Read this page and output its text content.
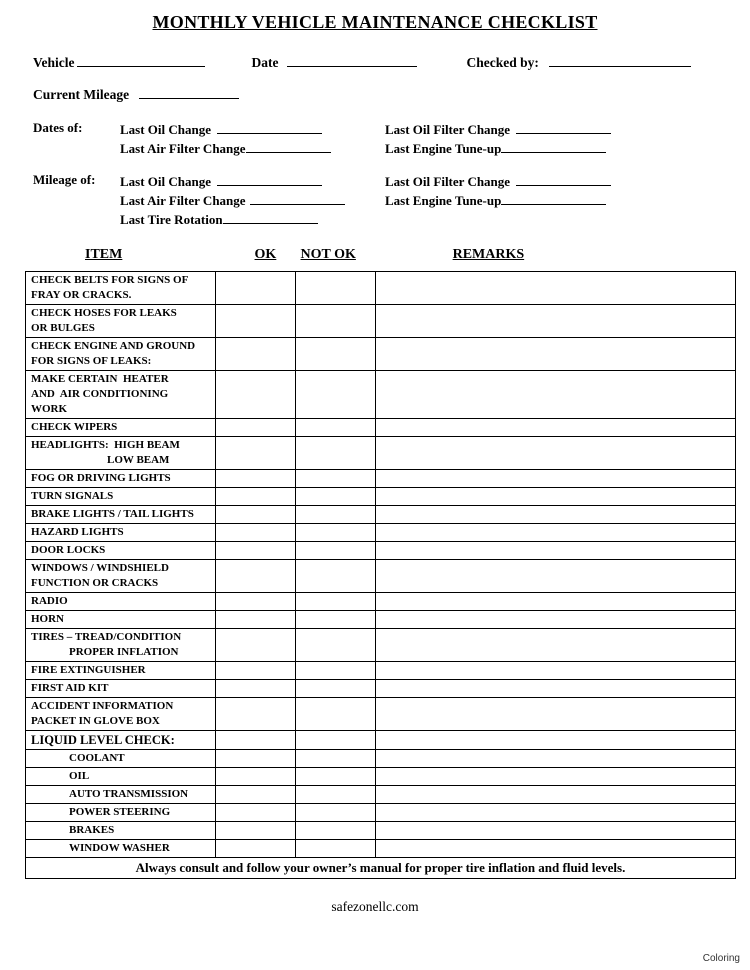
MONTHLY VEHICLE MAINTENANCE CHECKLIST
Vehicle	Date	Checked by:
Current Mileage
Dates of:	Last Oil Change	Last Oil Filter Change
Last Air Filter Change	Last Engine Tune-up
Mileage of:	Last Oil Change	Last Oil Filter Change
Last Air Filter Change	Last Engine Tune-up
Last Tire Rotation
ITEM	OK	NOT OK	REMARKS
CHECK BELTS FOR SIGNS OF
FRAY OR CRACKS.			

CHECK HOSES FOR LEAKS
OR BULGES			

CHECK ENGINE AND GROUND
FOR SIGNS OF LEAKS:			

MAKE CERTAIN  HEATER
AND  AIR CONDITIONING
WORK			

CHECK WIPERS			

HEADLIGHTS:  HIGH BEAM
LOW BEAM			

FOG OR DRIVING LIGHTS			

TURN SIGNALS			

BRAKE LIGHTS / TAIL LIGHTS			

HAZARD LIGHTS			

DOOR LOCKS			

WINDOWS / WINDSHIELD
FUNCTION OR CRACKS			

RADIO			

HORN			

TIRES – TREAD/CONDITION
PROPER INFLATION			

FIRE EXTINGUISHER			

FIRST AID KIT			

ACCIDENT INFORMATION
PACKET IN GLOVE BOX			

LIQUID LEVEL CHECK:			

COOLANT			

OIL			

AUTO TRANSMISSION			

POWER STEERING			

BRAKES			

WINDOW WASHER			

Always consult and follow your owner’s manual for proper tire inflation and fluid levels.			
safezonellc.com
Coloring
